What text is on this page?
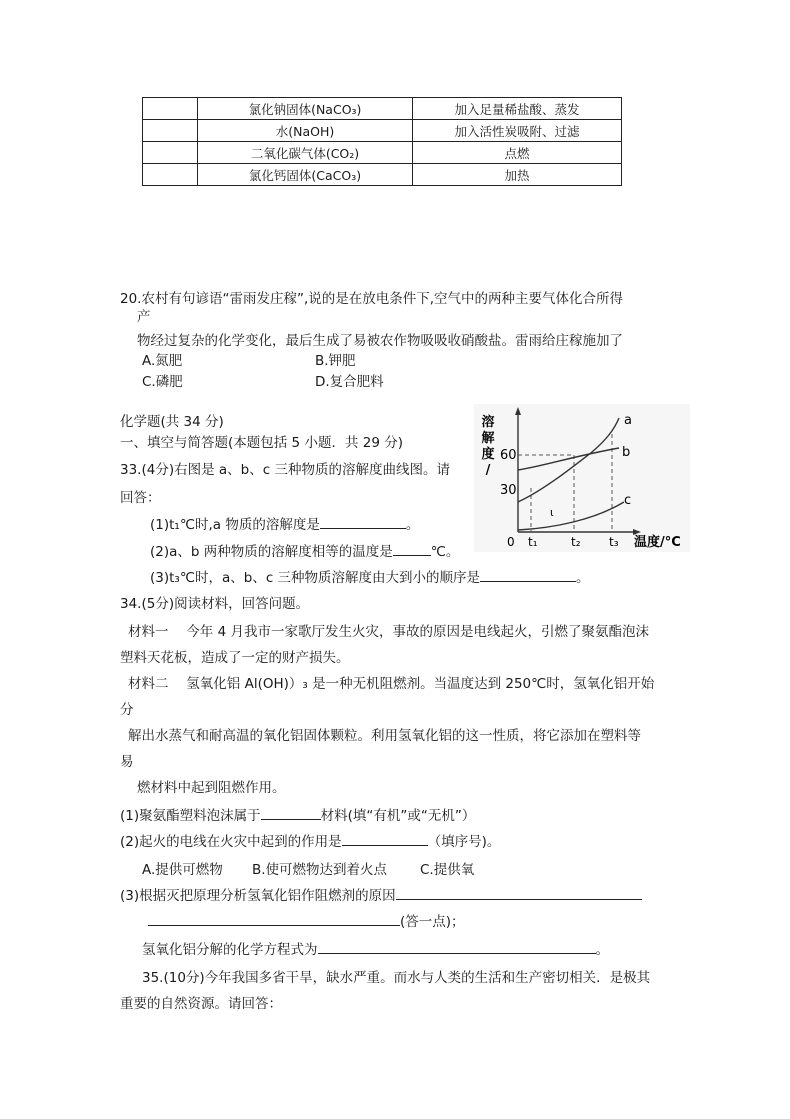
	氯化钠固体(NaCO₃)	加入足量稀盐酸、蒸发
	水(NaOH)	加入活性炭吸附、过滤
	二氧化碳气体(CO₂)	点燃
	氯化钙固体(CaCO₃)	加热
20.农村有句谚语“雷雨发庄稼”,说的是在放电条件下,空气中的两种主要气体化合所得
产
物经过复杂的化学变化，最后生成了易被农作物吸吸收硝酸盐。雷雨给庄稼施加了
A.氮肥	B.钾肥
C.磷肥	D.复合肥料
化学题(共 34 分)
一、填空与简答题(本题包括 5 小题．共 29 分)
33.(4分)右图是 a、b、c 三种物质的溶解度曲线图。请
回答：
(1)t₁℃时,a 物质的溶解度是	。
(2)a、b 两种物质的溶解度相等的温度是	℃。
(3)t₃℃时，a、b、c 三种物质溶解度由大到小的顺序是	。
溶
解
度
/
a
b
c
60
30
0 t₁	t₂ t₃ 温度/°C
ι
34.(5分)阅读材料，回答问题。
材料一　 今年 4 月我市一家歌厅发生火灾，事故的原因是电线起火，引燃了聚氨酯泡沫
塑料天花板，造成了一定的财产损失。
材料二　 氢氧化铝 Al(OH)）₃ 是一种无机阻燃剂。当温度达到 250℃时，氢氧化铝开始
分
解出水蒸气和耐高温的氧化铝固体颗粒。利用氢氧化铝的这一性质，将它添加在塑料等
易
燃材料中起到阻燃作用。
(1)聚氨酯塑料泡沫属于	材料(填“有机”或“无机”）
(2)起火的电线在火灾中起到的作用是	（填序号)。
A.提供可燃物 B.使可燃物达到着火点 C.提供氧
(3)根据灭把原理分析氢氧化铝作阻燃剂的原因
(答一点)；
氢氧化铝分解的化学方程式为	。
35.(10分)今年我国多省干旱，缺水严重。而水与人类的生活和生产密切相关．是极其
重要的自然资源。请回答：
